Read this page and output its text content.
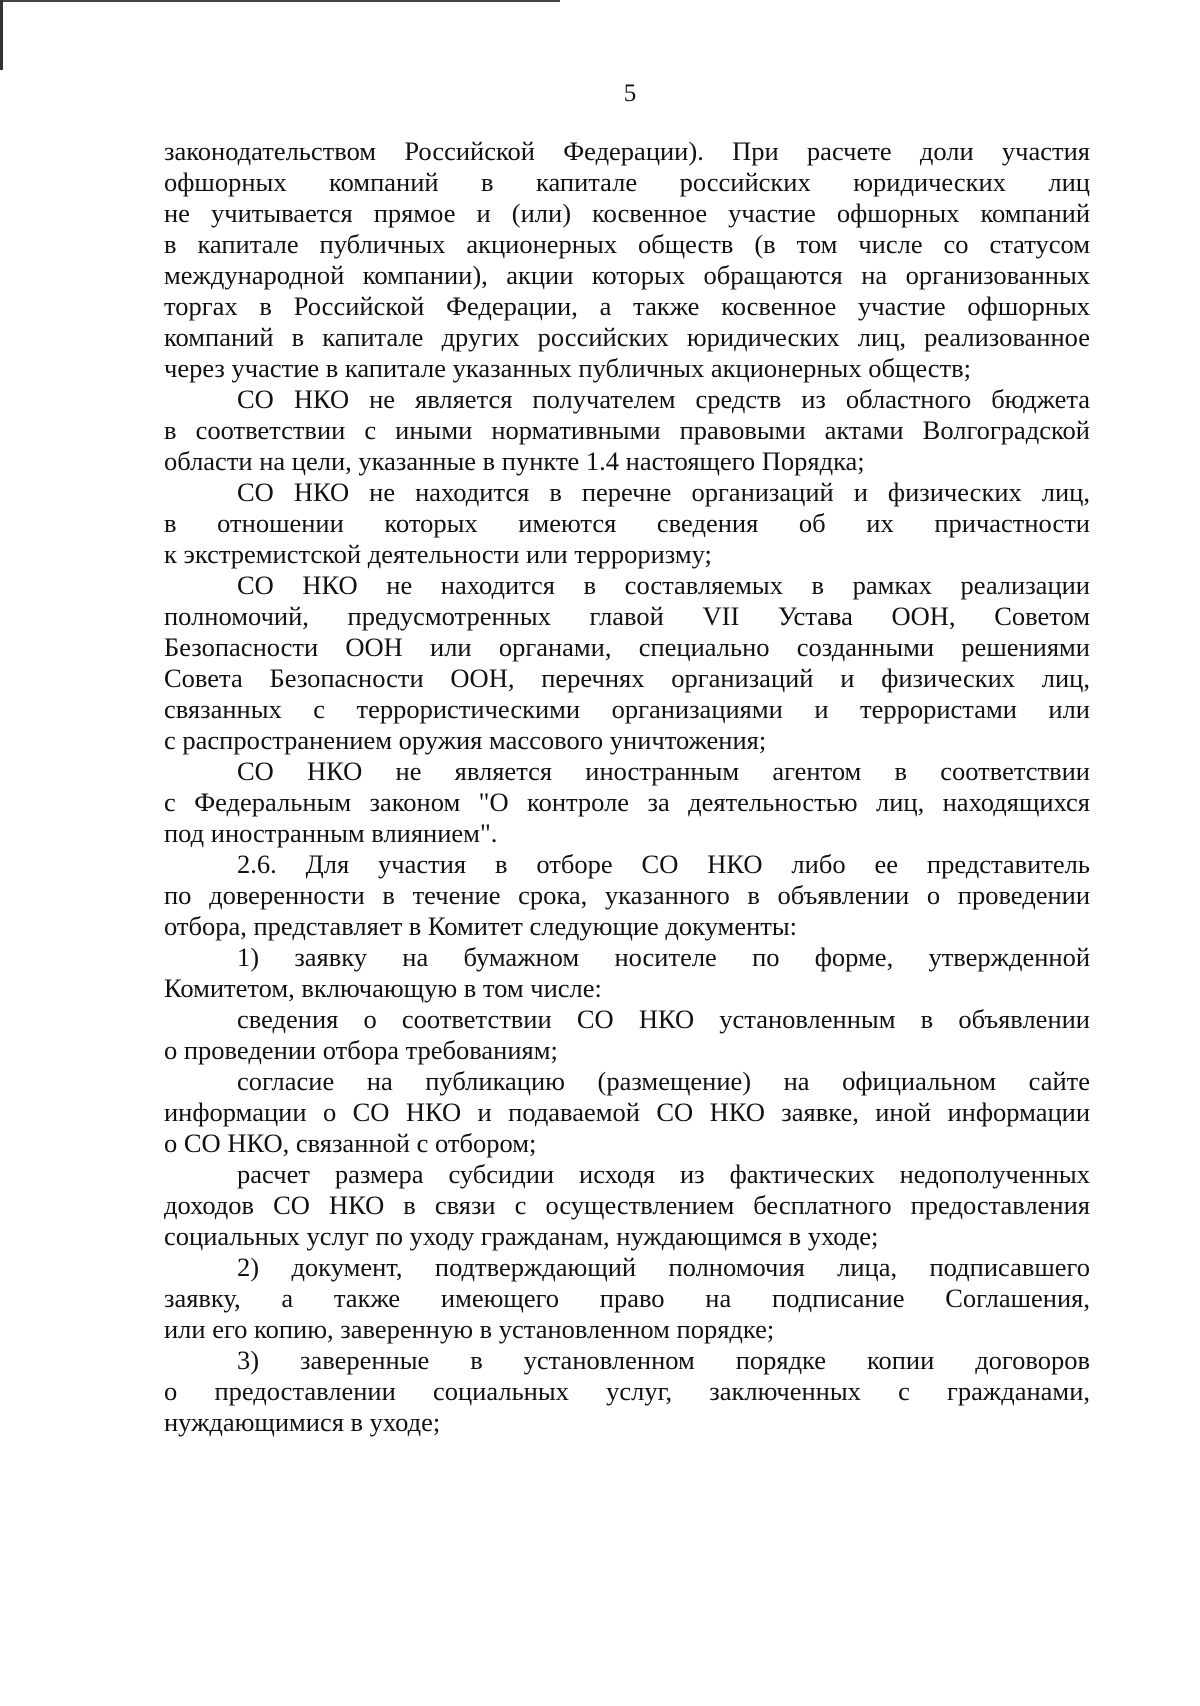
5
законодательством Российской Федерации). При расчете доли участия
офшорных компаний в капитале российских юридических лиц
не учитывается прямое и (или) косвенное участие офшорных компаний
в капитале публичных акционерных обществ (в том числе со статусом
международной компании), акции которых обращаются на организованных
торгах в Российской Федерации, а также косвенное участие офшорных
компаний в капитале других российских юридических лиц, реализованное
через участие в капитале указанных публичных акционерных обществ;
СО НКО не является получателем средств из областного бюджета
в соответствии с иными нормативными правовыми актами Волгоградской
области на цели, указанные в пункте 1.4 настоящего Порядка;
СО НКО не находится в перечне организаций и физических лиц,
в отношении которых имеются сведения об их причастности
к экстремистской деятельности или терроризму;
СО НКО не находится в составляемых в рамках реализации
полномочий, предусмотренных главой VII Устава ООН, Советом
Безопасности ООН или органами, специально созданными решениями
Совета Безопасности ООН, перечнях организаций и физических лиц,
связанных с террористическими организациями и террористами или
с распространением оружия массового уничтожения;
СО НКО не является иностранным агентом в соответствии
с Федеральным законом "О контроле за деятельностью лиц, находящихся
под иностранным влиянием".
2.6. Для участия в отборе СО НКО либо ее представитель
по доверенности в течение срока, указанного в объявлении о проведении
отбора, представляет в Комитет следующие документы:
1) заявку на бумажном носителе по форме, утвержденной
Комитетом, включающую в том числе:
сведения о соответствии СО НКО установленным в объявлении
о проведении отбора требованиям;
согласие на публикацию (размещение) на официальном сайте
информации о СО НКО и подаваемой СО НКО заявке, иной информации
о СО НКО, связанной с отбором;
расчет размера субсидии исходя из фактических недополученных
доходов СО НКО в связи с осуществлением бесплатного предоставления
социальных услуг по уходу гражданам, нуждающимся в уходе;
2) документ, подтверждающий полномочия лица, подписавшего
заявку, а также имеющего право на подписание Соглашения,
или его копию, заверенную в установленном порядке;
3) заверенные в установленном порядке копии договоров
о предоставлении социальных услуг, заключенных с гражданами,
нуждающимися в уходе;
